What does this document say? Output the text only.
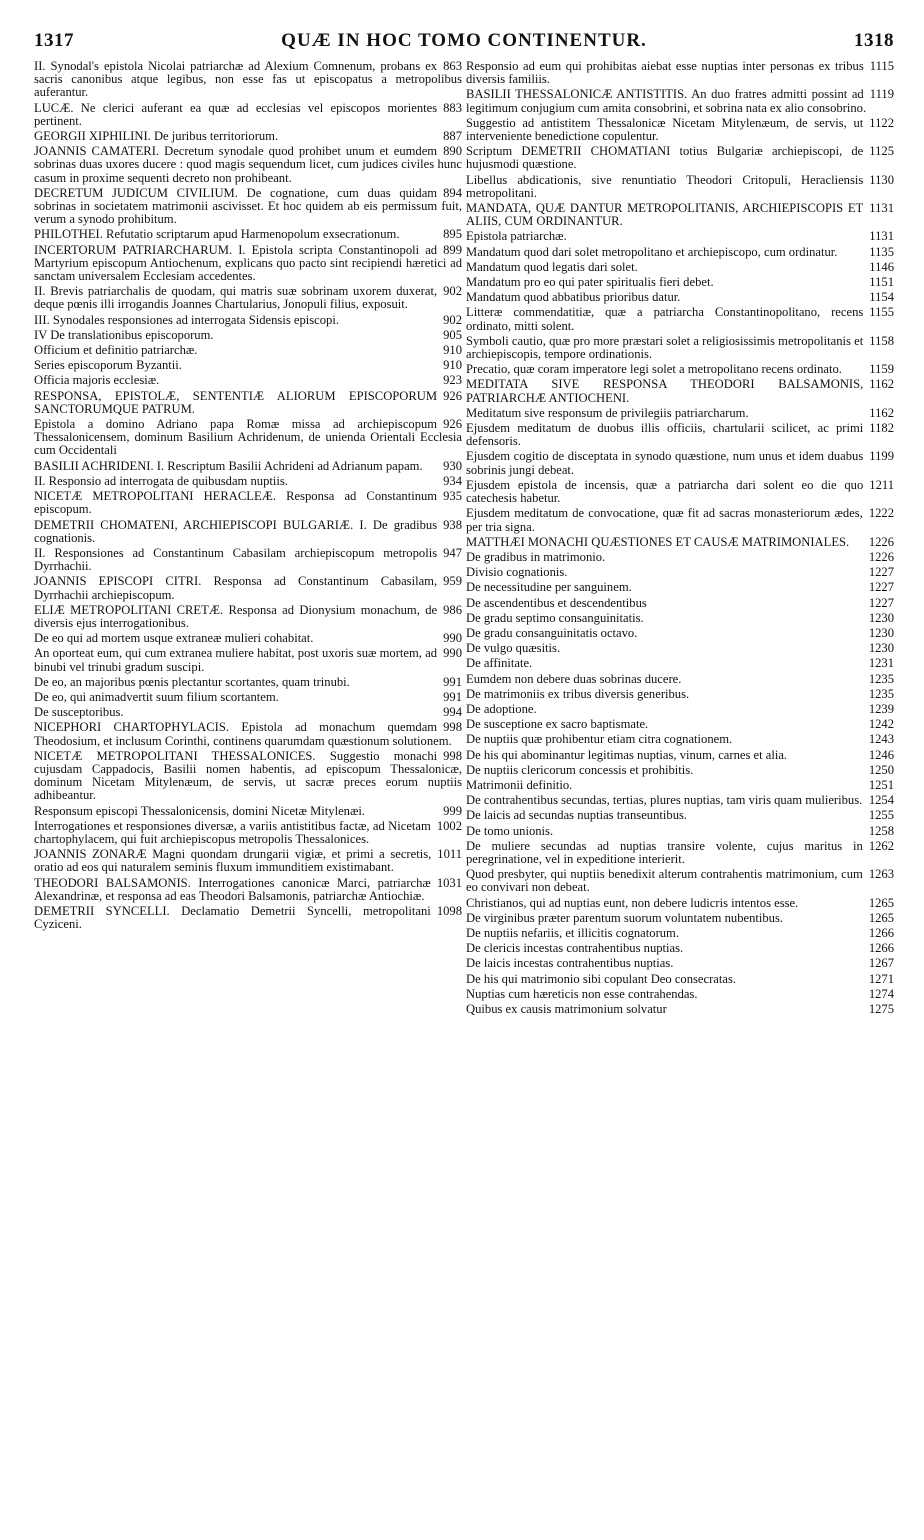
1317	QUÆ IN HOC TOMO CONTINENTUR.	1318
863
II. Synodal's epistola Nicolai patriarchæ ad Alexium Comnenum, probans ex sacris canonibus atque legibus, non esse fas ut episcopatus a metropolibus auferantur.
883
LUCÆ. Ne clerici auferant ea quæ ad ecclesias vel episcopos morientes pertinent.
887
GEORGII XIPHILINI. De juribus territoriorum.
890
JOANNIS CAMATERI. Decretum synodale quod prohibet unum et eumdem sobrinas duas uxores ducere : quod magis sequendum licet, cum judices civiles hunc casum in proxime sequenti decreto non prohibeant.
894
DECRETUM JUDICUM CIVILIUM. De cognatione, cum duas quidam sobrinas in societatem matrimonii ascivisset. Et hoc quidem ab eis permissum fuit, verum a synodo prohibitum.
895
PHILOTHEI. Refutatio scriptarum apud Harmenopolum exsecrationum.
899
INCERTORUM PATRIARCHARUM. I. Epistola scripta Constantinopoli ad Martyrium episcopum Antiochenum, explicans quo pacto sint recipiendi hæretici ad sanctam universalem Ecclesiam accedentes.
902
II. Brevis patriarchalis de quodam, qui matris suæ sobrinam uxorem duxerat, deque pœnis illi irrogandis Joannes Chartularius, Jonopuli filius, exposuit.
902
III. Synodales responsiones ad interrogata Sidensis episcopi.
905
IV De translationibus episcoporum.
910
Officium et definitio patriarchæ.
910
Series episcoporum Byzantii.
923
Officia majoris ecclesiæ.
926
RESPONSA, EPISTOLÆ, SENTENTIÆ ALIORUM EPISCOPORUM SANCTORUMQUE PATRUM.
926
Epistola a domino Adriano papa Romæ missa ad archiepiscopum Thessalonicensem, dominum Basilium Achridenum, de unienda Orientali Ecclesia cum Occidentali
930
BASILII ACHRIDENI. I. Rescriptum Basilii Achrideni ad Adrianum papam.
934
II. Responsio ad interrogata de quibusdam nuptiis.
935
NICETÆ METROPOLITANI HERACLEÆ. Responsa ad Constantinum episcopum.
938
DEMETRII CHOMATENI, ARCHIEPISCOPI BULGARIÆ. I. De gradibus cognationis.
947
II. Responsiones ad Constantinum Cabasilam archiepiscopum metropolis Dyrrhachii.
959
JOANNIS EPISCOPI CITRI. Responsa ad Constantinum Cabasilam, Dyrrhachii archiepiscopum.
986
ELIÆ METROPOLITANI CRETÆ. Responsa ad Dionysium monachum, de diversis ejus interrogationibus.
990
De eo qui ad mortem usque extraneæ mulieri cohabitat.
990
An oporteat eum, qui cum extranea muliere habitat, post uxoris suæ mortem, ad binubi vel trinubi gradum suscipi.
991
De eo, an majoribus pœnis plectantur scortantes, quam trinubi.
991
De eo, qui animadvertit suum filium scortantem.
994
De susceptoribus.
998
NICEPHORI CHARTOPHYLACIS. Epistola ad monachum quemdam Theodosium, et inclusum Corinthi, continens quarumdam quæstionum solutionem.
998
NICETÆ METROPOLITANI THESSALONICES. Suggestio monachi cujusdam Cappadocis, Basilii nomen habentis, ad episcopum Thessalonicæ, dominum Nicetam Mitylenæum, de servis, ut sacræ preces eorum nuptiis adhibeantur.
999
Responsum episcopi Thessalonicensis, domini Nicetæ Mitylenæi.
1002
Interrogationes et responsiones diversæ, a variis antistitibus factæ, ad Nicetam chartophylacem, qui fuit archiepiscopus metropolis Thessalonices.
1011
JOANNIS ZONARÆ Magni quondam drungarii vigiæ, et primi a secretis, oratio ad eos qui naturalem seminis fluxum immunditiem existimabant.
1031
THEODORI BALSAMONIS. Interrogationes canonicæ Marci, patriarchæ Alexandrinæ, et responsa ad eas Theodori Balsamonis, patriarchæ Antiochiæ.
1098
DEMETRII SYNCELLI. Declamatio Demetrii Syncelli, metropolitani Cyziceni.
1115
Responsio ad eum qui prohibitas aiebat esse nuptias inter personas ex tribus diversis familiis.
1119
BASILII THESSALONICÆ ANTISTITIS. An duo fratres admitti possint ad legitimum conjugium cum amita consobrini, et sobrina nata ex alio consobrino.
1122
Suggestio ad antistitem Thessalonicæ Nicetam Mitylenæum, de servis, ut interveniente benedictione copulentur.
1125
Scriptum DEMETRII CHOMATIANI totius Bulgariæ archiepiscopi, de hujusmodi quæstione.
1130
Libellus abdicationis, sive renuntiatio Theodori Critopuli, Heracliensis metropolitani.
1131
MANDATA, QUÆ DANTUR METROPOLITANIS, ARCHIEPISCOPIS ET ALIIS, CUM ORDINANTUR.
1131
Epistola patriarchæ.
1135
Mandatum quod dari solet metropolitano et archiepiscopo, cum ordinatur.
1146
Mandatum quod legatis dari solet.
1151
Mandatum pro eo qui pater spiritualis fieri debet.
1154
Mandatum quod abbatibus prioribus datur.
1155
Litteræ commendatitiæ, quæ a patriarcha Constantinopolitano, recens ordinato, mitti solent.
1158
Symboli cautio, quæ pro more præstari solet a religiosissimis metropolitanis et archiepiscopis, tempore ordinationis.
1159
Precatio, quæ coram imperatore legi solet a metropolitano recens ordinato.
1162
MEDITATA SIVE RESPONSA THEODORI BALSAMONIS, PATRIARCHÆ ANTIOCHENI.
1162
Meditatum sive responsum de privilegiis patriarcharum.
1182
Ejusdem meditatum de duobus illis officiis, chartularii scilicet, ac primi defensoris.
1199
Ejusdem cogitio de disceptata in synodo quæstione, num unus et idem duabus sobrinis jungi debeat.
1211
Ejusdem epistola de incensis, quæ a patriarcha dari solent eo die quo catechesis habetur.
1222
Ejusdem meditatum de convocatione, quæ fit ad sacras monasteriorum ædes, per tria signa.
1226
MATTHÆI MONACHI QUÆSTIONES ET CAUSÆ MATRIMONIALES.
1226
De gradibus in matrimonio.
1227
Divisio cognationis.
1227
De necessitudine per sanguinem.
1227
De ascendentibus et descendentibus
1230
De gradu septimo consanguinitatis.
1230
De gradu consanguinitatis octavo.
1230
De vulgo quæsitis.
1231
De affinitate.
1235
Eumdem non debere duas sobrinas ducere.
1235
De matrimoniis ex tribus diversis generibus.
1239
De adoptione.
1242
De susceptione ex sacro baptismate.
1243
De nuptiis quæ prohibentur etiam citra cognationem.
1246
De his qui abominantur legitimas nuptias, vinum, carnes et alia.
1250
De nuptiis clericorum concessis et prohibitis.
1251
Matrimonii definitio.
1254
De contrahentibus secundas, tertias, plures nuptias, tam viris quam mulieribus.
1255
De laicis ad secundas nuptias transeuntibus.
1258
De tomo unionis.
1262
De muliere secundas ad nuptias transire volente, cujus maritus in peregrinatione, vel in expeditione interierit.
1263
Quod presbyter, qui nuptiis benedixit alterum contrahentis matrimonium, cum eo convivari non debeat.
1265
Christianos, qui ad nuptias eunt, non debere ludicris intentos esse.
1265
De virginibus præter parentum suorum voluntatem nubentibus.
1266
De nuptiis nefariis, et illicitis cognatorum.
1266
De clericis incestas contrahentibus nuptias.
1267
De laicis incestas contrahentibus nuptias.
1271
De his qui matrimonio sibi copulant Deo consecratas.
1274
Nuptias cum hæreticis non esse contrahendas.
1275
Quibus ex causis matrimonium solvatur
